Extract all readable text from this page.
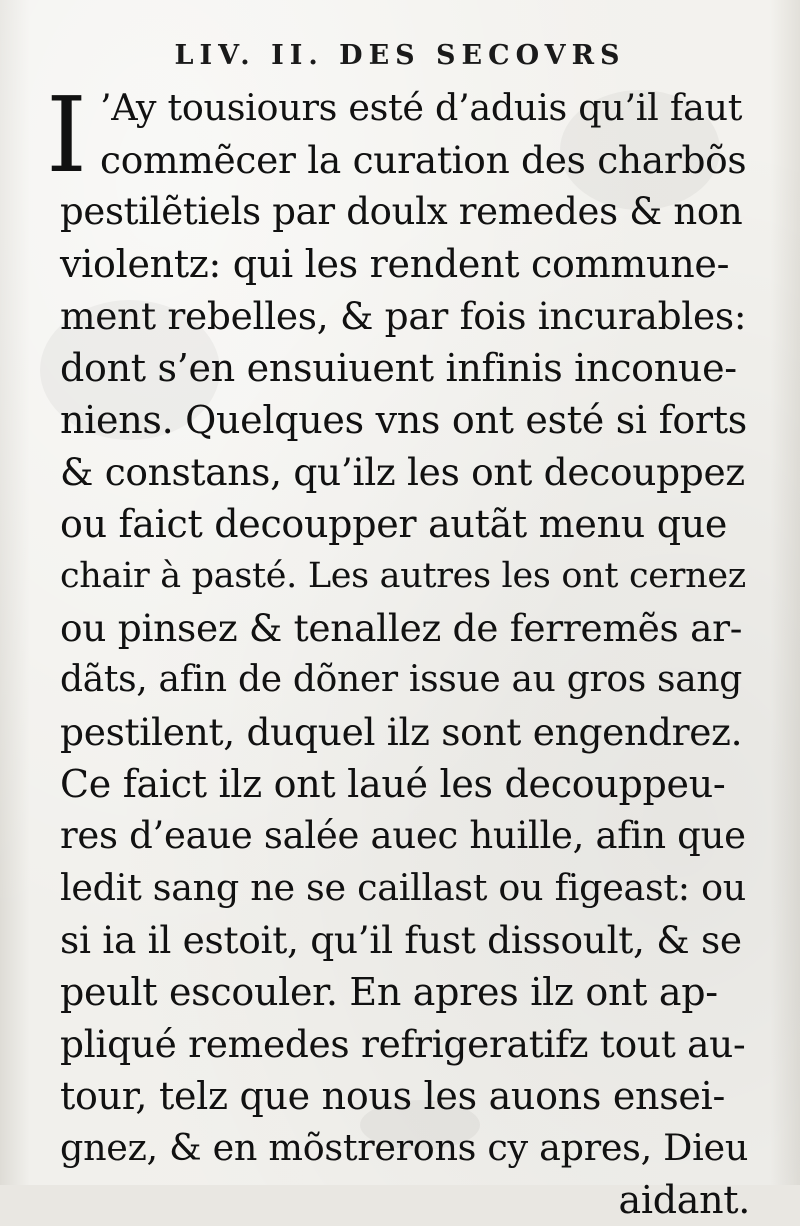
LIV. II. DES SECOVRS
I ’Ay tousiours esté d’aduis qu’il faut
commẽcer la curation des charbõs
pestilẽtiels par doulx remedes & non
violentz: qui les rendent commune-
ment rebelles, & par fois incurables:
dont s’en ensuiuent infinis inconue-
niens. Quelques vns ont esté si forts
& constans, qu’ilz les ont decouppez
ou faict decoupper autãt menu que
chair à pasté. Les autres les ont cernez
ou pinsez & tenallez de ferremẽs ar-
dãts, afin de dõner issue au gros sang
pestilent, duquel ilz sont engendrez.
Ce faict ilz ont laué les decouppeu-
res d’eaue salée auec huille, afin que
ledit sang ne se caillast ou figeast: ou
si ia il estoit, qu’il fust dissoult, & se
peult escouler. En apres ilz ont ap-
pliqué remedes refrigeratifz tout au-
tour, telz que nous les auons ensei-
gnez, & en mõstrerons cy apres, Dieu
aidant.
